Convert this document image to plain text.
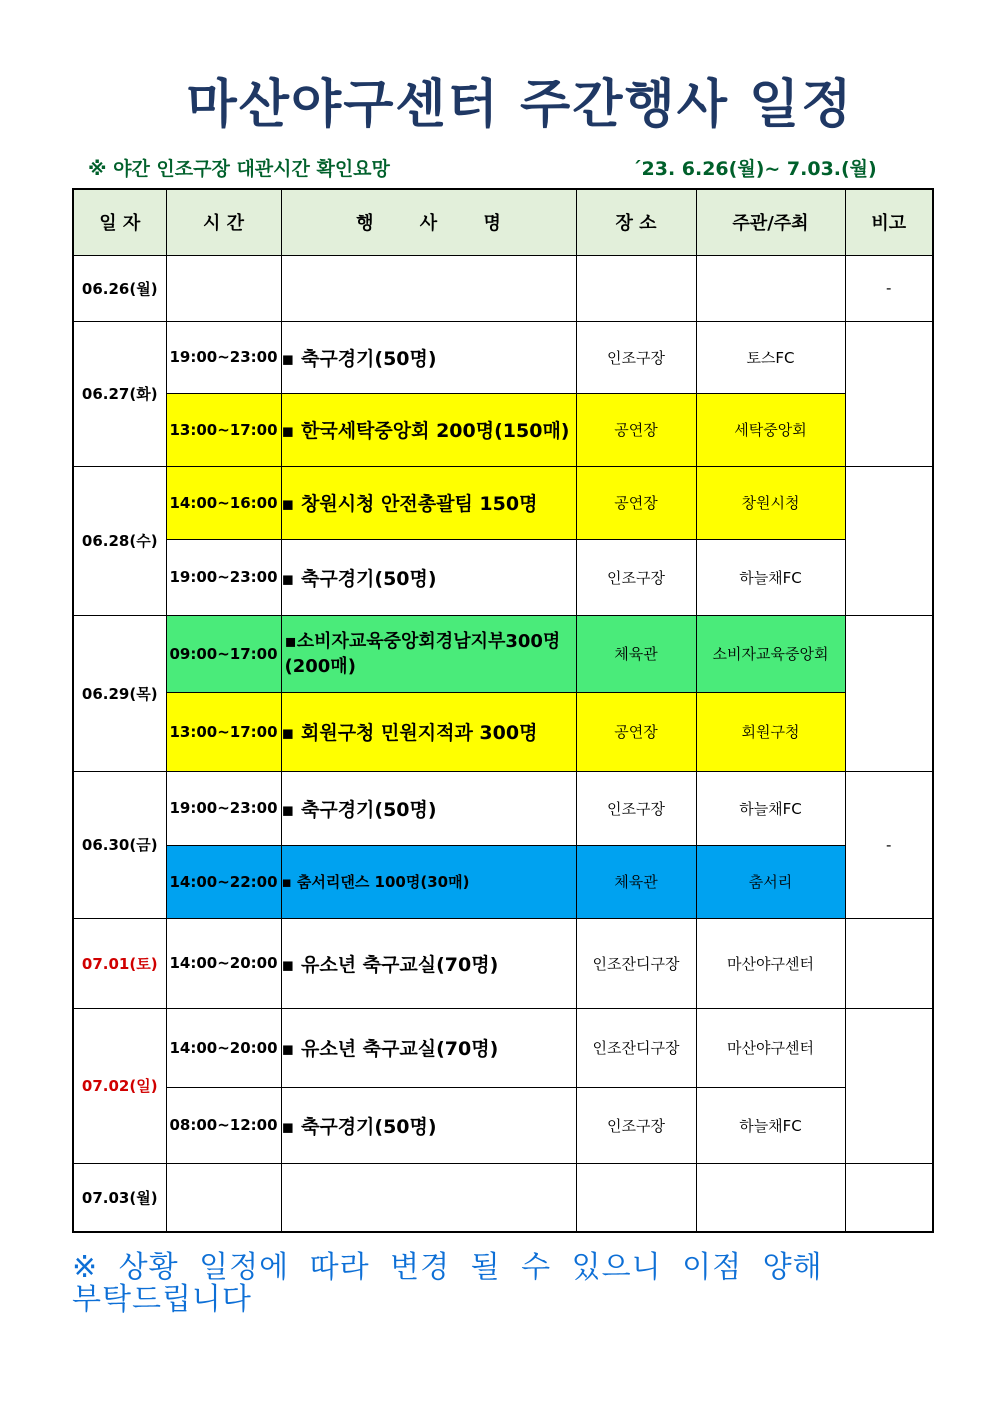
마산야구센터 주간행사 일정
※ 야간 인조구장 대관시간 확인요망	´23. 6.26(월)~ 7.03.(월)
일 자	시 간	행 사 명	장 소	주관/주최	비고
06.26(월)					-
06.27(화)	19:00~23:00	▪ 축구경기(50명)	인조구장	토스FC	
	13:00~17:00	▪ 한국세탁중앙회 200명(150매)	공연장	세탁중앙회	
06.28(수)	14:00~16:00	▪ 창원시청 안전총괄팀 150명	공연장	창원시청	
	19:00~23:00	▪ 축구경기(50명)	인조구장	하늘채FC	
06.29(목)	09:00~17:00	▪소비자교육중앙회경남지부300명(200매)	체육관	소비자교육중앙회	
	13:00~17:00	▪ 회원구청 민원지적과 300명	공연장	회원구청	
06.30(금)	19:00~23:00	▪ 축구경기(50명)	인조구장	하늘채FC	-
	14:00~22:00	▪ 춤서리댄스 100명(30매)	체육관	춤서리	
07.01(토)	14:00~20:00	▪ 유소년 축구교실(70명)	인조잔디구장	마산야구센터	
07.02(일)	14:00~20:00	▪ 유소년 축구교실(70명)	인조잔디구장	마산야구센터	
	08:00~12:00	▪ 축구경기(50명)	인조구장	하늘채FC	
07.03(월)					
※ 상황 일정에 따라 변경 될 수 있으니 이점 양해 부탁드립니다
